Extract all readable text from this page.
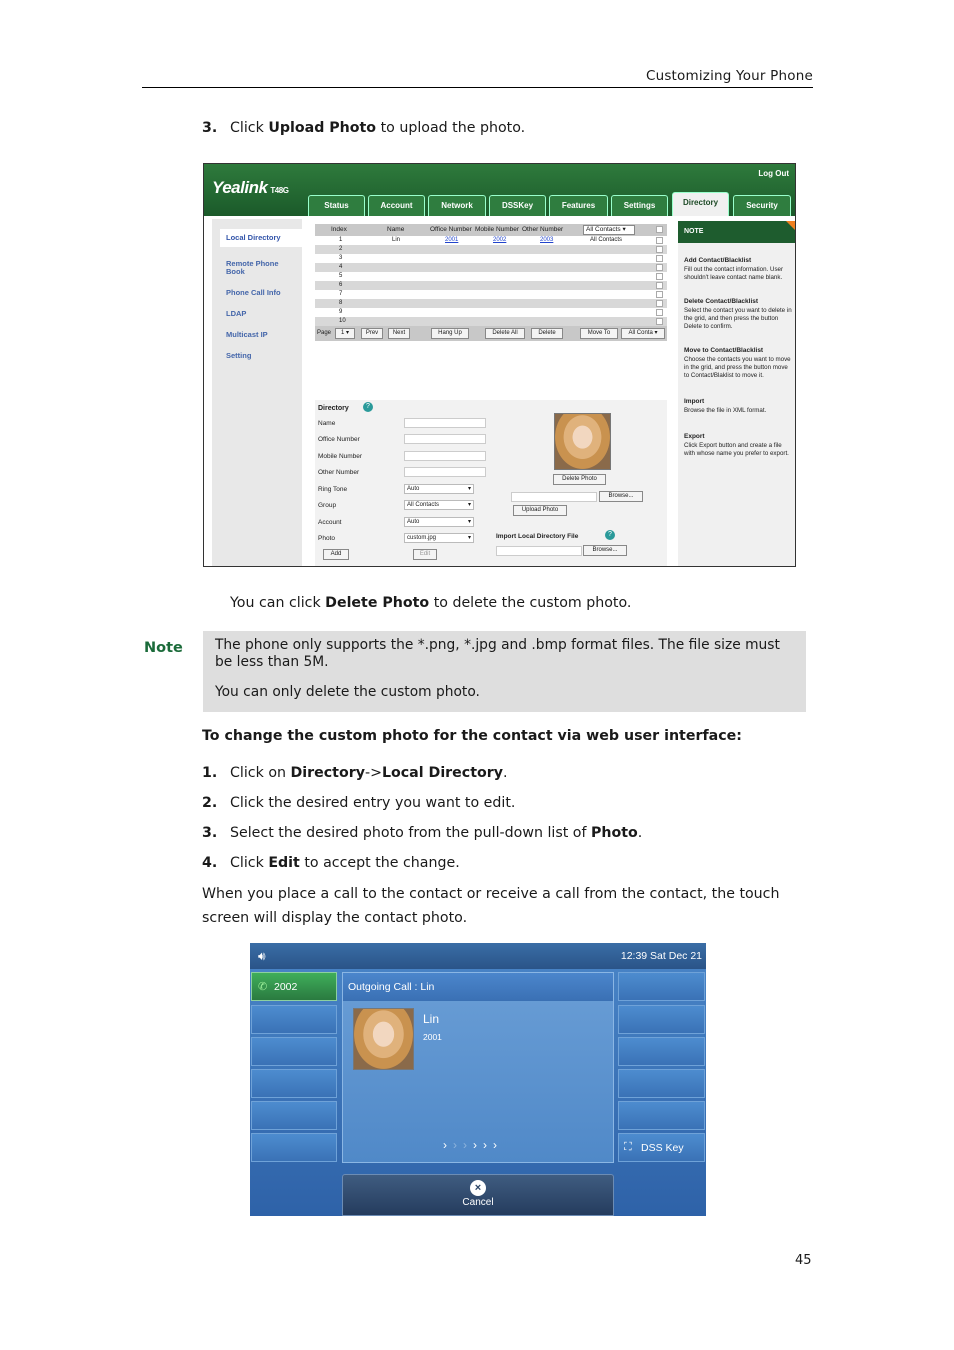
Customizing Your Phone
3. Click Upload Photo to upload the photo.
Yealink T48G
Log Out
Status	Account	Network	DSSKey	Features	Settings	Directory	Security
Local Directory
Remote Phone Book
Phone Call Info
LDAP
Multicast IP
Setting
Index	Name	Office Number Mobile Number Other Number	All Contacts ▾
1	Lin	2001	2002	2003	All Contacts
2
3
4
5
6
7
8
9
10
Page	1 ▾	Prev	Next	Hang Up	Delete All	Delete	Move To	All Conta ▾
Directory	?
Name
Office Number
Mobile Number
Other Number
Ring Tone	Auto	▾
Group	All Contacts	▾
Account	Auto	▾
Photo	custom.jpg	▾
Add	Edit
Delete Photo
Browse...
Upload Photo
Import Local Directory File	?
Browse...
NOTE
Add Contact/Blacklist

Fill out the contact information. User shouldn't leave contact name blank.

Delete Contact/Blacklist

Select the contact you want to delete in the grid, and then press the button Delete to confirm.

Move to Contact/Blacklist

Choose the contacts you want to move in the grid, and press the button move to Contact/Blaklist to move it.

Import

Browse the file in XML format.

Export

Click Export button and create a file with whose name you prefer to export.

You can click Delete Photo to delete the custom photo.
Note The phone only supports the *.png, *.jpg and .bmp format files. The file size must be less than 5M.

You can only delete the custom photo.

To change the custom photo for the contact via web user interface:
1. Click on Directory->Local Directory.
2. Click the desired entry you want to edit.
3. Select the desired photo from the pull-down list of Photo.
4. Click Edit to accept the change.
When you place a call to the contact or receive a call from the contact, the touch screen will display the contact photo.
🔊︎	12:39 Sat Dec 21
✆ 2002
⛶ DSS Key
Outgoing Call : Lin
Lin
2001
››››››
×
Cancel
45
